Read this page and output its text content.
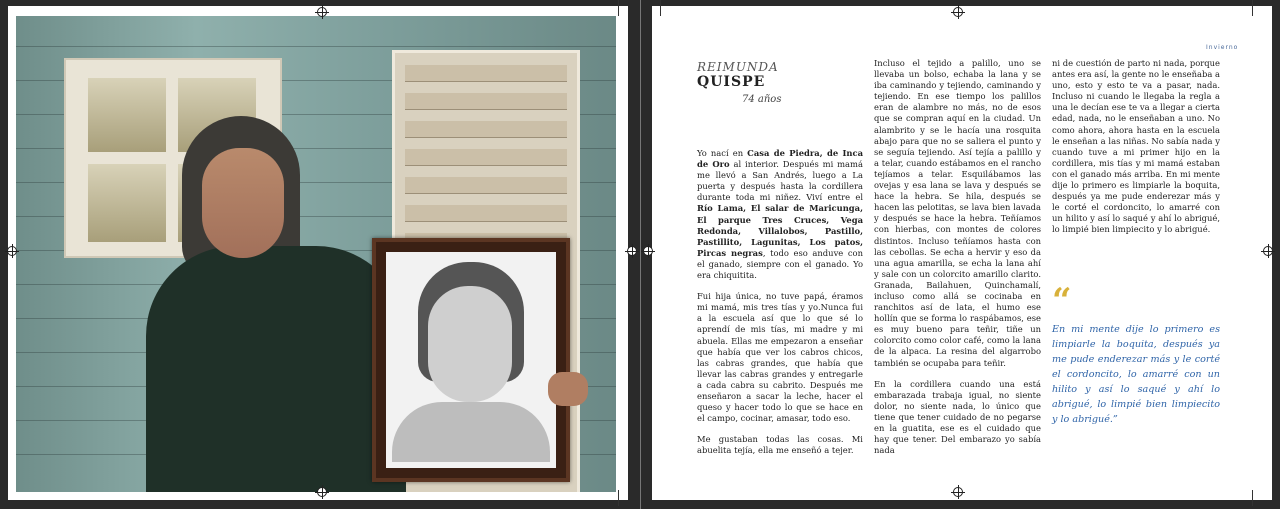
Invierno
REIMUNDA
QUISPE
74 años

Yo nací en Casa de Piedra, de Inca de Oro al interior. Después mi mamá me llevó a San Andrés, luego a La puerta y después hasta la cordillera durante toda mi niñez. Viví entre el Río Lama, El salar de Maricunga, El parque Tres Cruces, Vega Redonda, Villalobos, Pastillo, Pastillito, Lagunitas, Los patos, Pircas negras, todo eso anduve con el ganado, siempre con el ganado. Yo era chiquitita.

Fui hija única, no tuve papá, éramos mi mamá, mis tres tías y yo.Nunca fui a la escuela así que lo que sé lo aprendí de mis tías, mi madre y mi abuela. Ellas me empezaron a enseñar que había que ver los cabros chicos, las cabras grandes, que había que llevar las cabras grandes y entregarle a cada cabra su cabrito. Después me enseñaron a sacar la leche, hacer el queso y hacer todo lo que se hace en el campo, cocinar, amasar, todo eso.

Me gustaban todas las cosas. Mi abuelita tejía, ella me enseñó a tejer.

Incluso el tejido a palillo, uno se llevaba un bolso, echaba la lana y se iba caminando y tejiendo, caminando y tejiendo. En ese tiempo los palillos eran de alambre no más, no de esos que se compran aquí en la ciudad. Un alambrito y se le hacía una rosquita abajo para que no se saliera el punto y se seguía tejiendo. Así tejía a palillo y a telar, cuando estábamos en el rancho tejíamos a telar. Esquilábamos las ovejas y esa lana se lava y después se hace la hebra. Se hila, después se hacen las pelotitas, se lava bien lavada y después se hace la hebra. Teñíamos con hierbas, con montes de colores distintos. Incluso teñíamos hasta con las cebollas. Se echa a hervir y eso da una agua amarilla, se echa la lana ahí y sale con un colorcito amarillo clarito. Granada, Bailahuen, Quinchamalí, incluso como allá se cocinaba en ranchitos así de lata, el humo ese hollín que se forma lo raspábamos, ese es muy bueno para teñir, tiñe un colorcito como color café, como la lana de la alpaca. La resina del algarrobo también se ocupaba para teñir.

En la cordillera cuando una está embarazada trabaja igual, no siente dolor, no siente nada, lo único que tiene que tener cuidado de no pegarse en la guatita, ese es el cuidado que hay que tener. Del embarazo yo sabía nada

ni de cuestión de parto ni nada, porque antes era así, la gente no le enseñaba a uno, esto y esto te va a pasar, nada. Incluso ni cuando le llegaba la regla a una le decían ese te va a llegar a cierta edad, nada, no le enseñaban a uno. No como ahora, ahora hasta en la escuela le enseñan a las niñas. No sabía nada y cuando tuve a mi primer hijo en la cordillera, mis tías y mi mamá estaban con el ganado más arriba. En mi mente dije lo primero es limpiarle la boquita, después ya me pude enderezar más y le corté el cordoncito, lo amarré con un hilito y así lo saqué y ahí lo abrigué, lo limpié bien limpiecito y lo abrigué.

“
En mi mente dije lo primero es limpiarle la boquita, después ya me pude enderezar más y le corté el cordoncito, lo amarré con un hilito y así lo saqué y ahí lo abrigué, lo limpié bien limpiecito y lo abrigué.”
